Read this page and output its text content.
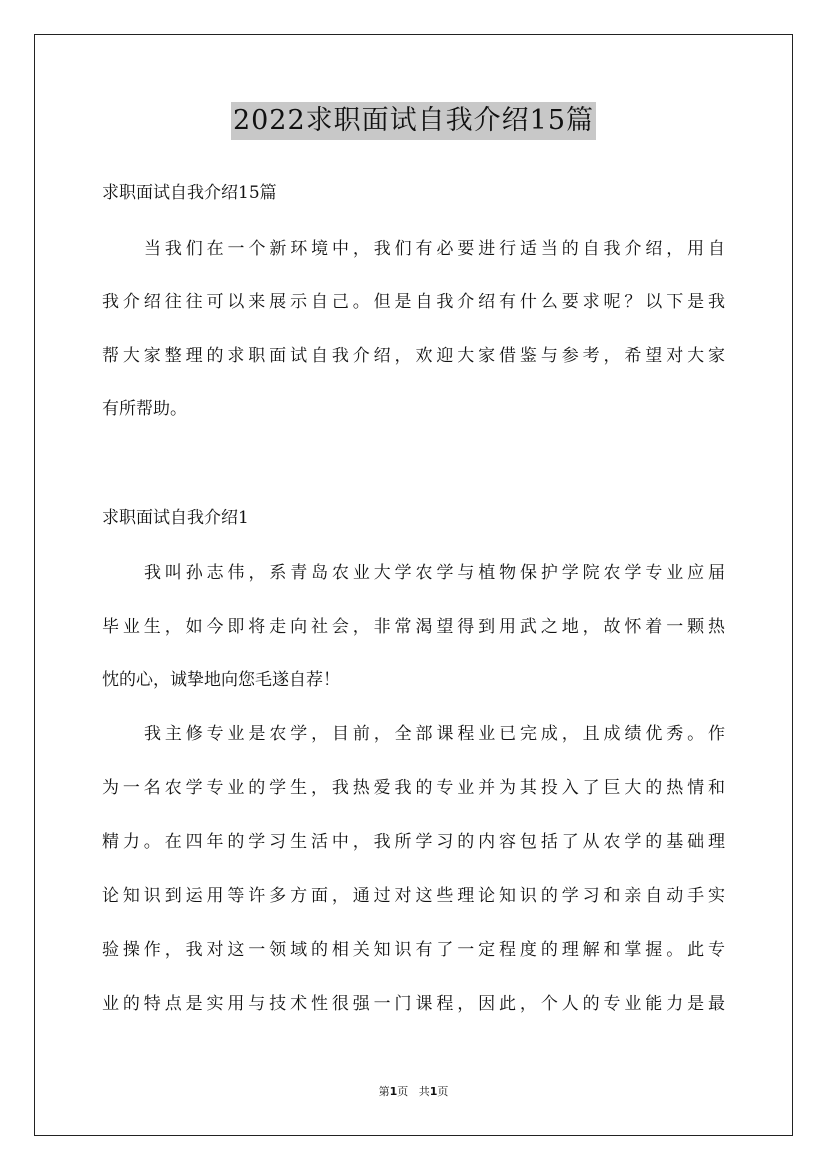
2022求职面试自我介绍15篇
求职面试自我介绍15篇
当我们在一个新环境中，我们有必要进行适当的自我介绍，用自
我介绍往往可以来展示自己。但是自我介绍有什么要求呢？以下是我
帮大家整理的求职面试自我介绍，欢迎大家借鉴与参考，希望对大家
有所帮助。
求职面试自我介绍1
我叫孙志伟，系青岛农业大学农学与植物保护学院农学专业应届
毕业生，如今即将走向社会，非常渴望得到用武之地，故怀着一颗热
忱的心，诚挚地向您毛遂自荐！
我主修专业是农学，目前，全部课程业已完成，且成绩优秀。作
为一名农学专业的学生，我热爱我的专业并为其投入了巨大的热情和
精力。在四年的学习生活中，我所学习的内容包括了从农学的基础理
论知识到运用等许多方面，通过对这些理论知识的学习和亲自动手实
验操作，我对这一领域的相关知识有了一定程度的理解和掌握。此专
业的特点是实用与技术性很强一门课程，因此，个人的专业能力是最
第1页 共1页
